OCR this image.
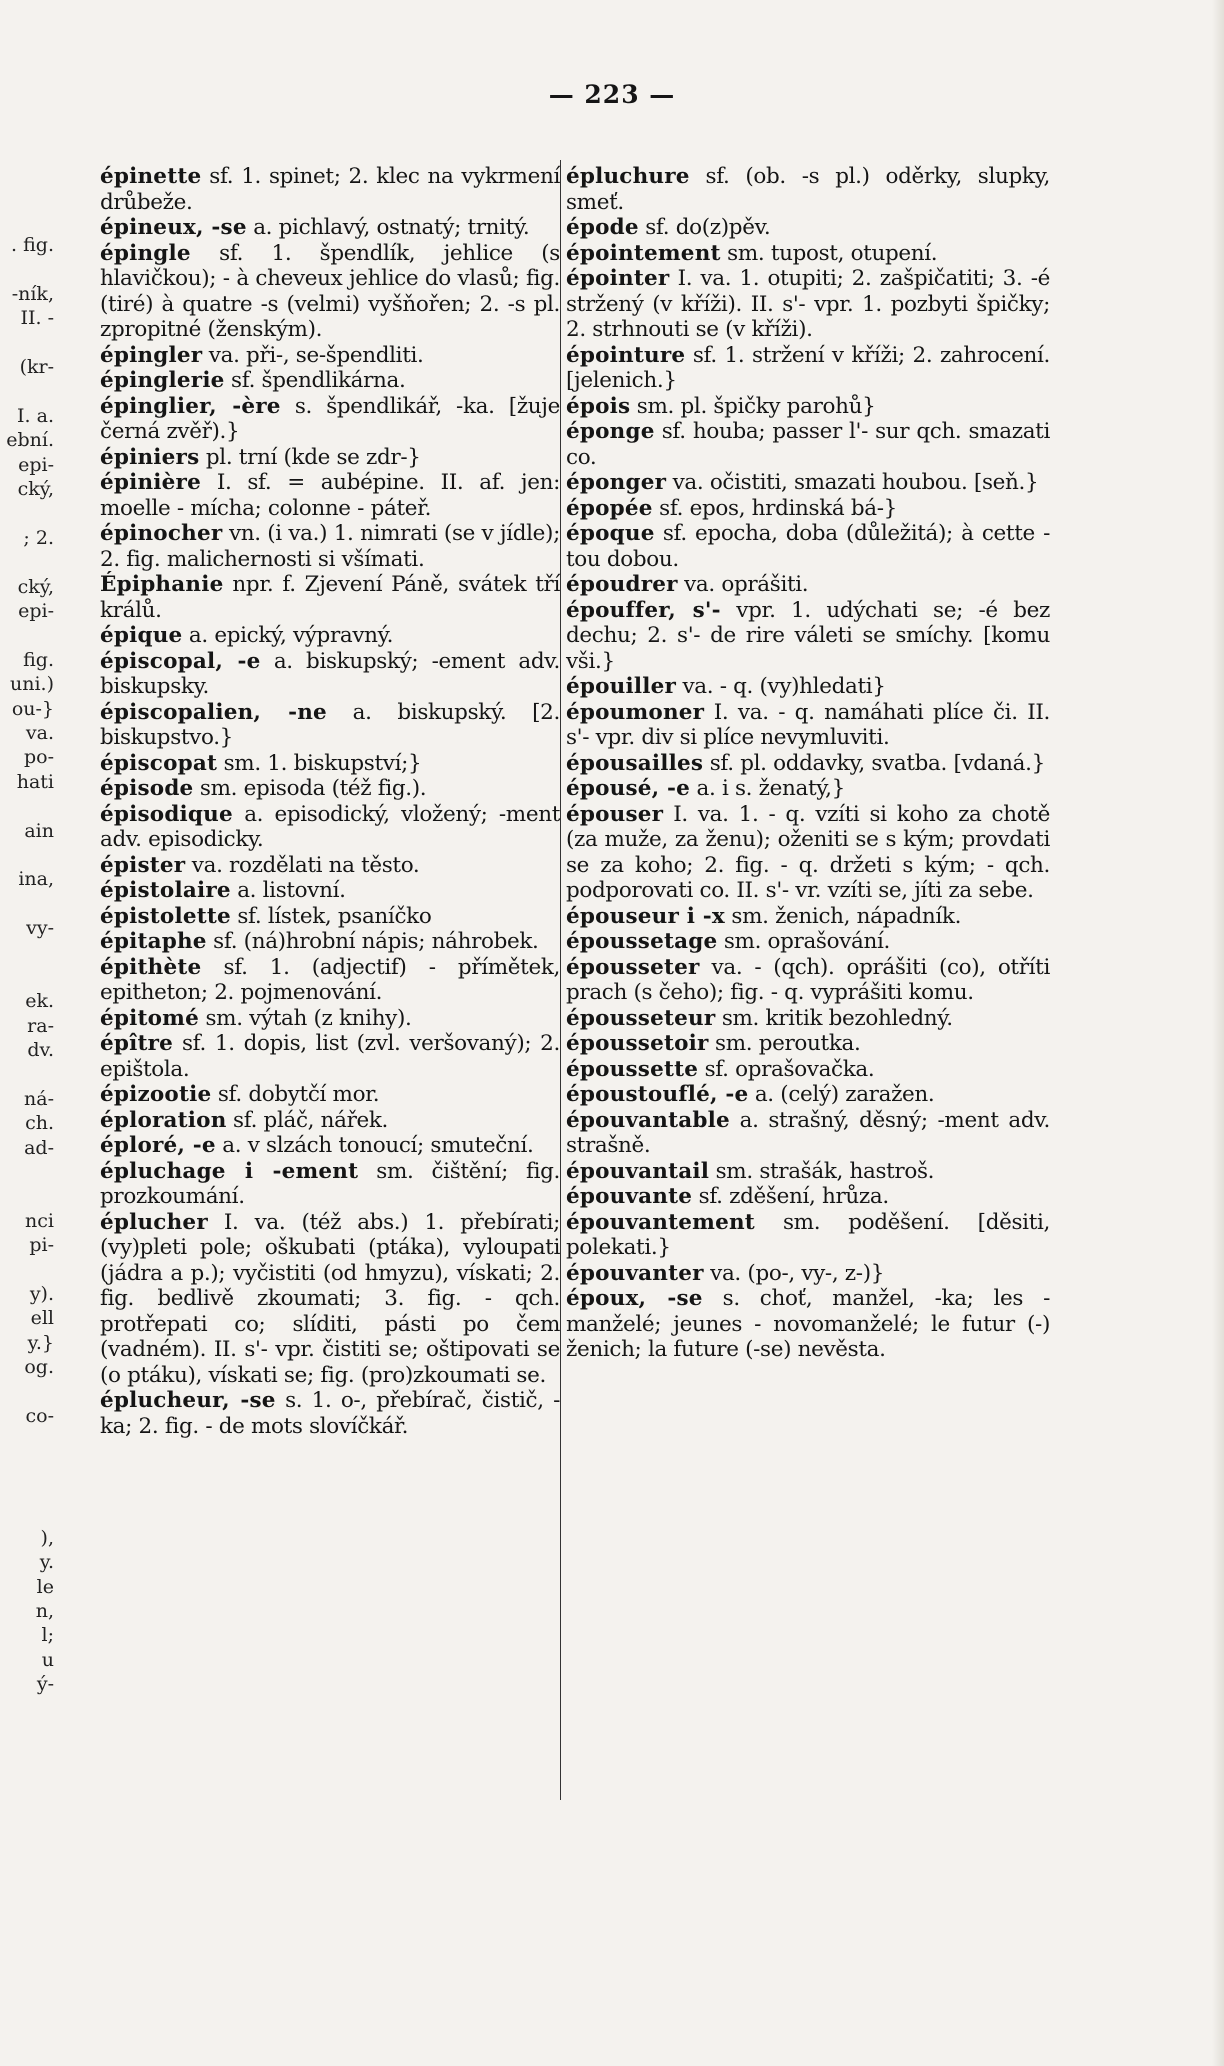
— 223 —
. fig.
-ník,
II. -
(kr-
I. a.
ební.
epi-
cký,
; 2.
cký,
epi-
fig.
uni.)
ou-}
va.
po-
hati
ain
ina,
vy-
ek.
ra-
dv.
ná-
ch.
ad-
nci
pi-
y).
ell
y.}
og.
co-
),
y.
le
n,
l;
u
ý-
épinette sf. 1. spinet; 2. klec na vykrmení drůbeže.
épineux, -se a. pichlavý, ostnatý; trnitý.
épingle sf. 1. špendlík, jehlice (s hlavičkou); - à cheveux jehlice do vlasů; fig. (tiré) à quatre -s (velmi) vyšňořen; 2. -s pl. zpropitné (ženským).
épingler va. při-, se-špendliti.
épinglerie sf. špendlikárna.
épinglier, -ère s. špendlikář, -ka. [žuje černá zvěř).}
épiniers pl. trní (kde se zdr-}
épinière I. sf. = aubépine. II. af. jen: moelle - mícha; colonne - páteř.
épinocher vn. (i va.) 1. nimrati (se v jídle); 2. fig. malichernosti si všímati.
Épiphanie npr. f. Zjevení Páně, svátek tří králů.
épique a. epický, výpravný.
épiscopal, -e a. biskupský; -ement adv. biskupsky.
épiscopalien, -ne a. biskupský. [2. biskupstvo.}
épiscopat sm. 1. biskupství;}
épisode sm. episoda (též fig.).
épisodique a. episodický, vložený; -ment adv. episodicky.
épister va. rozdělati na těsto.
épistolaire a. listovní.
épistolette sf. lístek, psaníčko
épitaphe sf. (ná)hrobní nápis; náhrobek.
épithète sf. 1. (adjectif) - přímětek, epitheton; 2. pojmenování.
épitomé sm. výtah (z knihy).
épître sf. 1. dopis, list (zvl. veršovaný); 2. epištola.
épizootie sf. dobytčí mor.
éploration sf. pláč, nářek.
éploré, -e a. v slzách tonoucí; smuteční.
épluchage i -ement sm. čištění; fig. prozkoumání.
éplucher I. va. (též abs.) 1. přebírati; (vy)pleti pole; oškubati (ptáka), vyloupati (jádra a p.); vyčistiti (od hmyzu), vískati; 2. fig. bedlivě zkoumati; 3. fig. - qch. protřepati co; slíditi, pásti po čem (vadném). II. s'- vpr. čistiti se; oštipovati se (o ptáku), vískati se; fig. (pro)zkoumati se.
éplucheur, -se s. 1. o-, přebírač, čistič, -ka; 2. fig. - de mots slovíčkář.
épluchure sf. (ob. -s pl.) oděrky, slupky, smeť.
épode sf. do(z)pěv.
épointement sm. tupost, otupení.
épointer I. va. 1. otupiti; 2. zašpičatiti; 3. -é stržený (v kříži). II. s'- vpr. 1. pozbyti špičky; 2. strhnouti se (v kříži).
épointure sf. 1. stržení v kříži; 2. zahrocení. [jelenich.}
épois sm. pl. špičky parohů}
éponge sf. houba; passer l'- sur qch. smazati co.
éponger va. očistiti, smazati houbou. [seň.}
épopée sf. epos, hrdinská bá-}
époque sf. epocha, doba (důležitá); à cette - tou dobou.
époudrer va. oprášiti.
épouffer, s'- vpr. 1. udýchati se; -é bez dechu; 2. s'- de rire váleti se smíchy. [komu vši.}
épouiller va. - q. (vy)hledati}
époumoner I. va. - q. namáhati plíce či. II. s'- vpr. div si plíce nevymluviti.
épousailles sf. pl. oddavky, svatba. [vdaná.}
épousé, -e a. i s. ženatý,}
épouser I. va. 1. - q. vzíti si koho za chotě (za muže, za ženu); oženiti se s kým; provdati se za koho; 2. fig. - q. držeti s kým; - qch. podporovati co. II. s'- vr. vzíti se, jíti za sebe.
épouseur i -x sm. ženich, nápadník.
époussetage sm. oprašování.
épousseter va. - (qch). oprášiti (co), otříti prach (s čeho); fig. - q. vyprášiti komu.
épousseteur sm. kritik bezohledný.
époussetoir sm. peroutka.
époussette sf. oprašovačka.
époustouflé, -e a. (celý) zaražen.
épouvantable a. strašný, děsný; -ment adv. strašně.
épouvantail sm. strašák, hastroš.
épouvante sf. zděšení, hrůza.
épouvantement sm. poděšení. [děsiti, polekati.}
épouvanter va. (po-, vy-, z-)}
époux, -se s. choť, manžel, -ka; les - manželé; jeunes - novomanželé; le futur (-) ženich; la future (-se) nevěsta.
